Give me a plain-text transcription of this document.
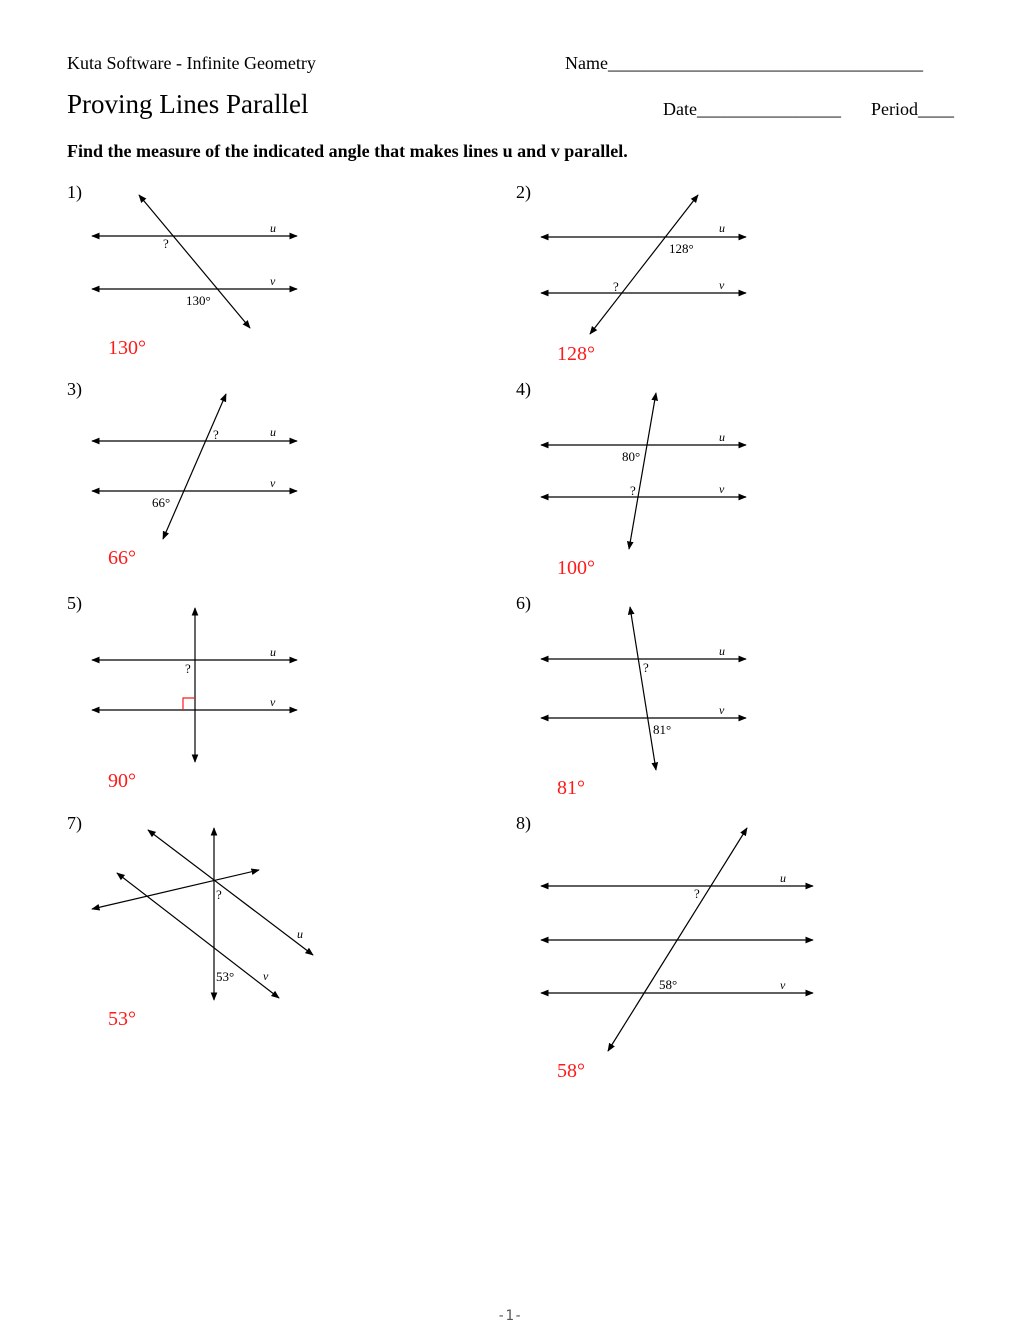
Kuta Software - Infinite Geometry	Name___________________________________
Proving Lines Parallel	Date________________ Period____
Find the measure of the indicated angle that makes lines u and v parallel.
1)
u
v
?
130°
130°
2)
u
v
128°
?
128°
3)
u
v
?
66°
66°
4)
u
v
80°
?
100°
5)
u
v
?
90°
6)
u
v
?
81°
81°
7)
u
v
?
53°
53°
8)
u
v
?
58°
58°
-1-
